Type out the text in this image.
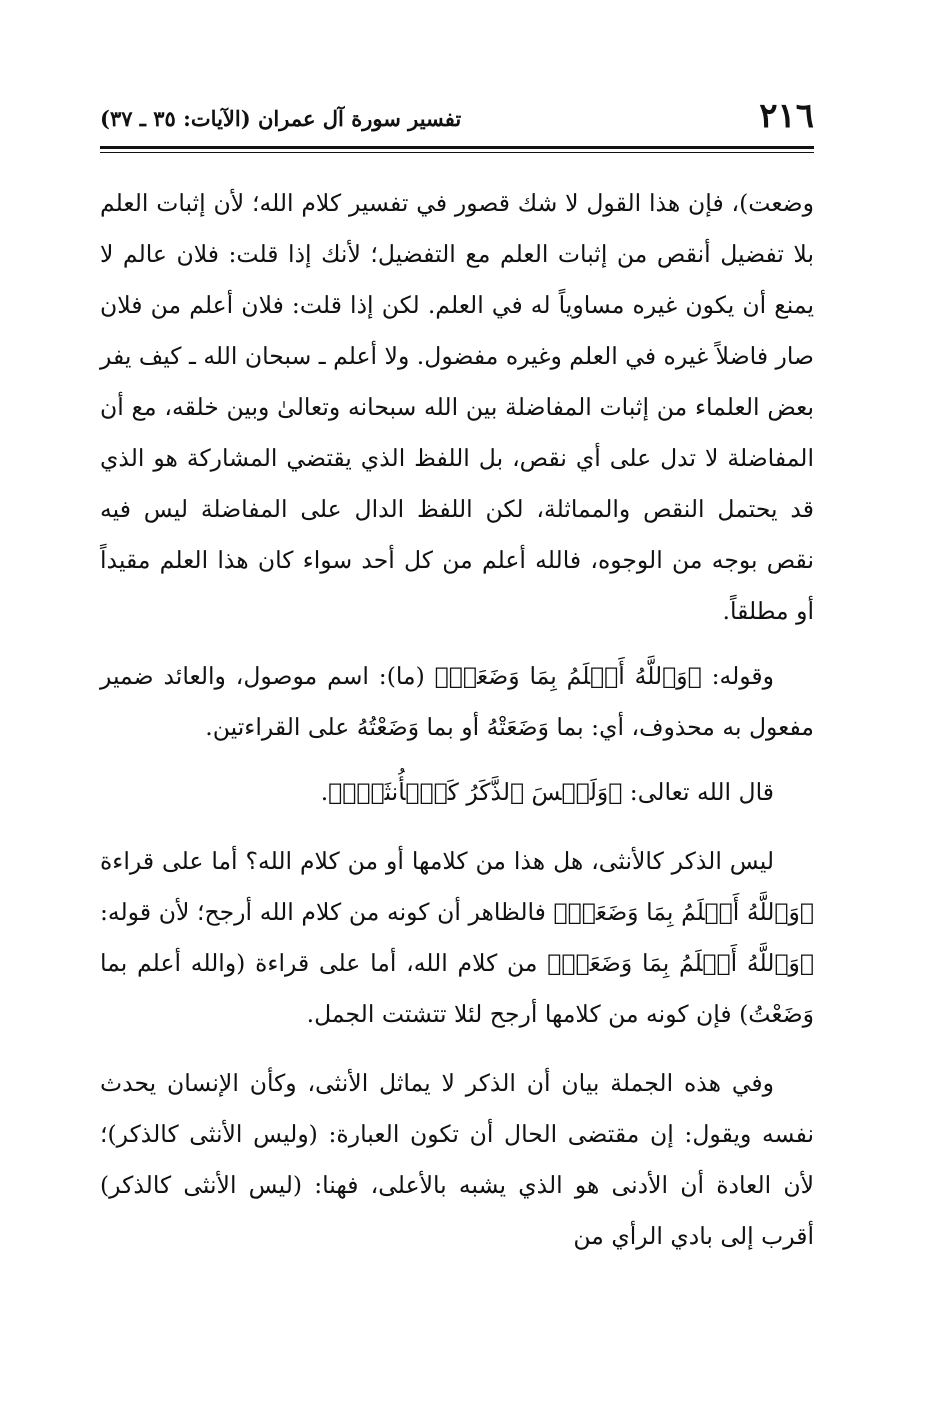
٢١٦
تفسير سورة آل عمران (الآيات: ٣٥ ـ ٣٧)

وضعت)، فإن هذا القول لا شك قصور في تفسير كلام الله؛ لأن إثبات العلم بلا تفضيل أنقص من إثبات العلم مع التفضيل؛ لأنك إذا قلت: فلان عالم لا يمنع أن يكون غيره مساوياً له في العلم. لكن إذا قلت: فلان أعلم من فلان صار فاضلاً غيره في العلم وغيره مفضول. ولا أعلم ـ سبحان الله ـ كيف يفر بعض العلماء من إثبات المفاضلة بين الله سبحانه وتعالىٰ وبين خلقه، مع أن المفاضلة لا تدل على أي نقص، بل اللفظ الذي يقتضي المشاركة هو الذي قد يحتمل النقص والمماثلة، لكن اللفظ الدال على المفاضلة ليس فيه نقص بوجه من الوجوه، فالله أعلم من كل أحد سواء كان هذا العلم مقيداً أو مطلقاً.

وقوله: ﴿وَٱللَّهُ أَعۡلَمُ بِمَا وَضَعَتۡ﴾ (ما): اسم موصول، والعائد ضمير مفعول به محذوف، أي: بما وَضَعَتْهُ أو بما وَضَعْتُهُ على القراءتين.

قال الله تعالى: ﴿وَلَيۡسَ ٱلذَّكَرُ كَٱلۡأُنثَىٰۖ﴾.

ليس الذكر كالأنثى، هل هذا من كلامها أو من كلام الله؟ أما على قراءة ﴿وَٱللَّهُ أَعۡلَمُ بِمَا وَضَعَتۡ﴾ فالظاهر أن كونه من كلام الله أرجح؛ لأن قوله: ﴿وَٱللَّهُ أَعۡلَمُ بِمَا وَضَعَتۡ﴾ من كلام الله، أما على قراءة (والله أعلم بما وَضَعْتُ) فإن كونه من كلامها أرجح لئلا تتشتت الجمل.

وفي هذه الجملة بيان أن الذكر لا يماثل الأنثى، وكأن الإنسان يحدث نفسه ويقول: إن مقتضى الحال أن تكون العبارة: (وليس الأنثى كالذكر)؛ لأن العادة أن الأدنى هو الذي يشبه بالأعلى، فهنا: (ليس الأنثى كالذكر) أقرب إلى بادي الرأي من
